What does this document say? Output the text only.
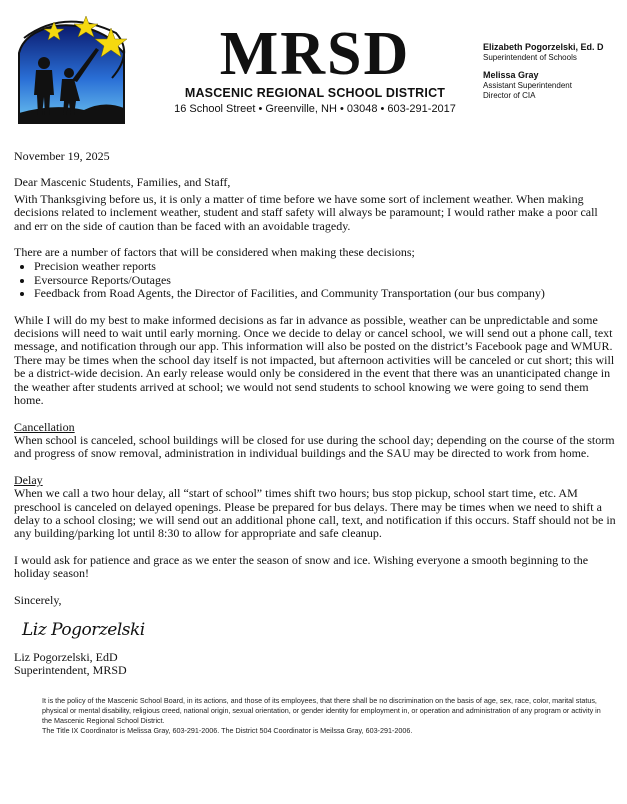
MRSD
MASCENIC REGIONAL SCHOOL DISTRICT
16 School Street • Greenville, NH • 03048 • 603-291-2017
Elizabeth Pogorzelski, Ed. D
Superintendent of Schools
Melissa Gray
Assistant Superintendent
Director of CIA

November 19, 2025

Dear Mascenic Students, Families, and Staff,

With Thanksgiving before us, it is only a matter of time before we have some sort of inclement weather. When making decisions related to inclement weather, student and staff safety will always be paramount; I would rather make a poor call and err on the side of caution than be faced with an avoidable tragedy.

There are a number of factors that will be considered when making these decisions;

• Precision weather reports
• Eversource Reports/Outages
• Feedback from Road Agents, the Director of Facilities, and Community Transportation (our bus company)

While I will do my best to make informed decisions as far in advance as possible, weather can be unpredictable and some decisions will need to wait until early morning. Once we decide to delay or cancel school, we will send out a phone call, text message, and notification through our app. This information will also be posted on the district’s Facebook page and WMUR. There may be times when the school day itself is not impacted, but afternoon activities will be canceled or cut short; this will be a district-wide decision. An early release would only be considered in the event that there was an unanticipated change in the weather after students arrived at school; we would not send students to school knowing we were going to send them home.

Cancellation

When school is canceled, school buildings will be closed for use during the school day; depending on the course of the storm and progress of snow removal, administration in individual buildings and the SAU may be directed to work from home.

Delay

When we call a two hour delay, all “start of school” times shift two hours; bus stop pickup, school start time, etc. AM preschool is canceled on delayed openings. Please be prepared for bus delays. There may be times when we need to shift a delay to a school closing; we will send out an additional phone call, text, and notification if this occurs. Staff should not be in any building/parking lot until 8:30 to allow for appropriate and safe cleanup.

I would ask for patience and grace as we enter the season of snow and ice. Wishing everyone a smooth beginning to the holiday season!

Sincerely,
Liz Pogorzelski
Liz Pogorzelski, EdD
Superintendent, MRSD
It is the policy of the Mascenic School Board, in its actions, and those of its employees, that there shall be no discrimination on the basis of age, sex, race, color, marital status, physical or mental disability, religious creed, national origin, sexual orientation, or gender identity for employment in, or operation and administration of any program or activity in the Mascenic Regional School District.
The Title IX Coordinator is Melissa Gray, 603-291-2006. The District 504 Coordinator is Meilssa Gray, 603-291-2006.
